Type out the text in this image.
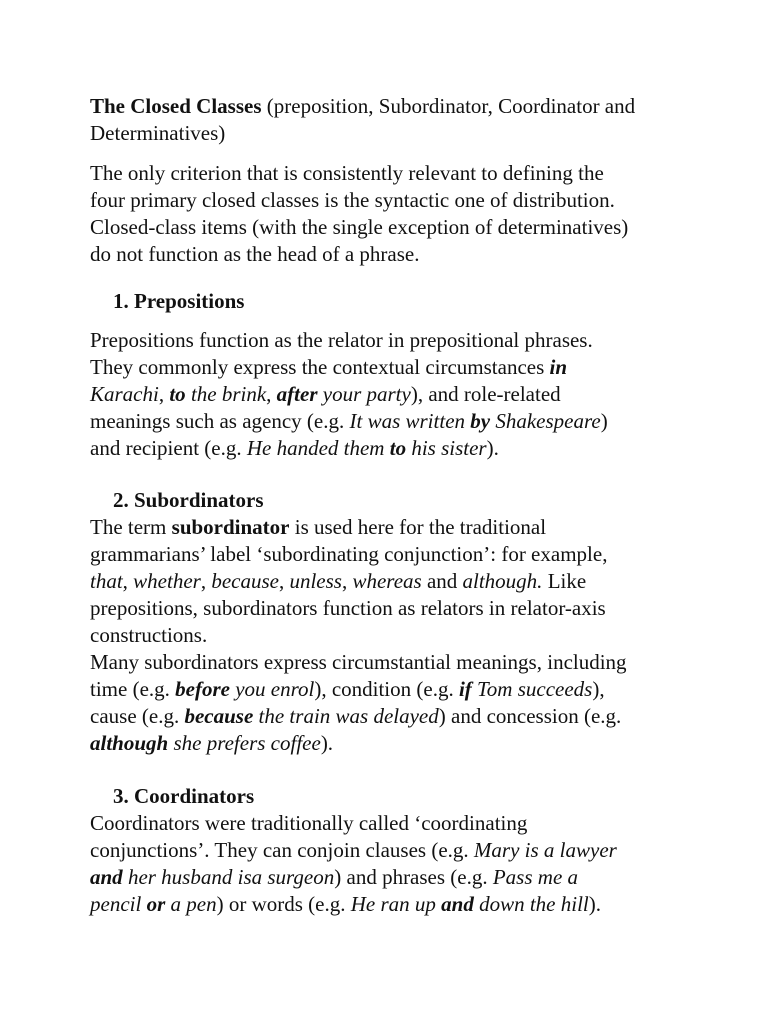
The Closed Classes (preposition, Subordinator, Coordinator and
Determinatives)

The only criterion that is consistently relevant to defining the
four primary closed classes is the syntactic one of distribution.
Closed-class items (with the single exception of determinatives)
do not function as the head of a phrase.

1. Prepositions

Prepositions function as the relator in prepositional phrases.
They commonly express the contextual circumstances in
Karachi, to the brink, after your party), and role-related
meanings such as agency (e.g. It was written by Shakespeare)
and recipient (e.g. He handed them to his sister).

2. Subordinators

The term subordinator is used here for the traditional
grammarians’ label ‘subordinating conjunction’: for example,
that, whether, because, unless, whereas and although. Like
prepositions, subordinators function as relators in relator-axis
constructions.
Many subordinators express circumstantial meanings, including
time (e.g. before you enrol), condition (e.g. if Tom succeeds),
cause (e.g. because the train was delayed) and concession (e.g.
although she prefers coffee).

3. Coordinators

Coordinators were traditionally called ‘coordinating
conjunctions’. They can conjoin clauses (e.g. Mary is a lawyer
and her husband isa surgeon) and phrases (e.g. Pass me a
pencil or a pen) or words (e.g. He ran up and down the hill).
